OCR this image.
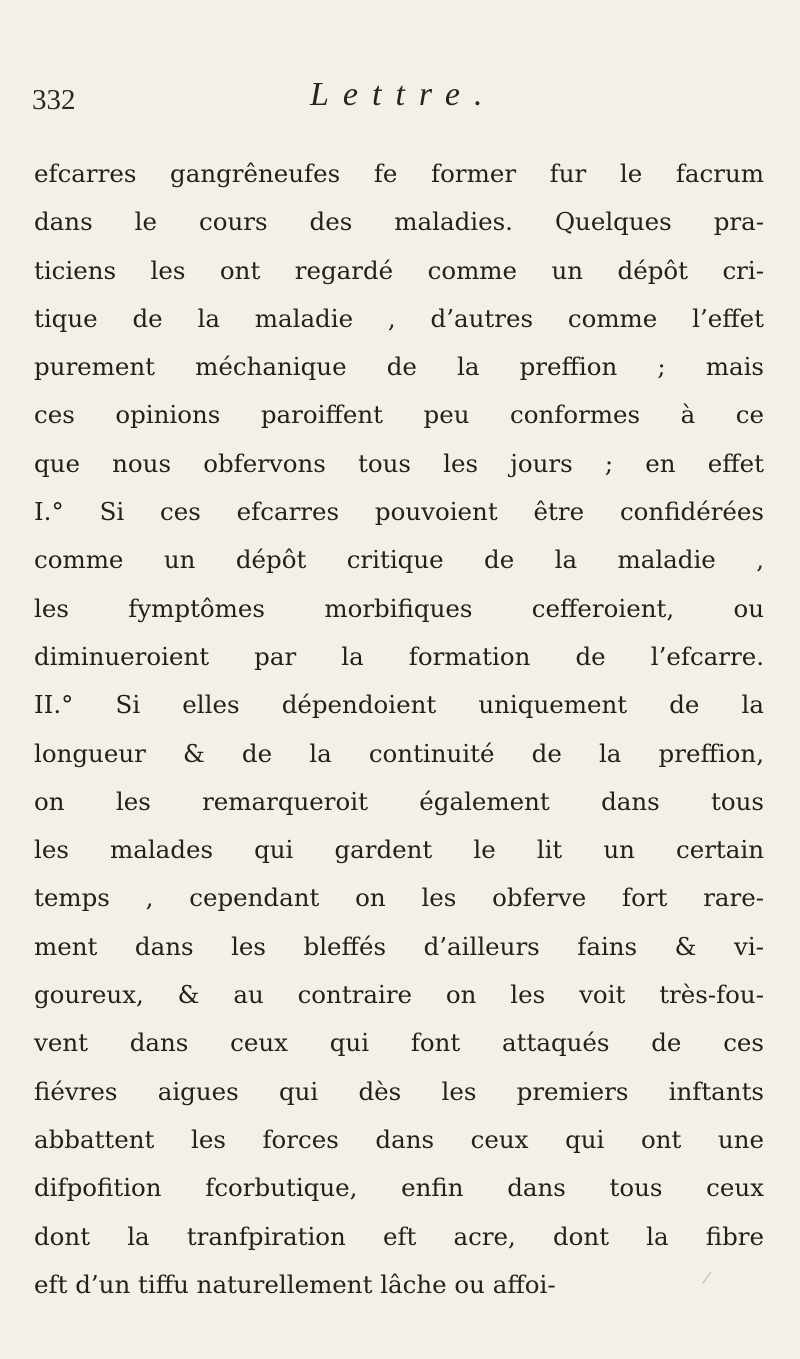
332	Lettre.
efcarres gangrêneufes fe former fur le facrum
dans le cours des maladies. Quelques pra-
ticiens les ont regardé comme un dépôt cri-
tique de la maladie , d’autres comme l’effet
purement méchanique de la preffion ; mais
ces opinions paroiffent peu conformes à ce
que nous obfervons tous les jours ; en effet
I.° Si ces efcarres pouvoient être confidérées
comme un dépôt critique de la maladie ,
les fymptômes morbifiques cefferoient, ou
diminueroient par la formation de l’efcarre.
II.° Si elles dépendoient uniquement de la
longueur & de la continuité de la preffion,
on les remarqueroit également dans tous
les malades qui gardent le lit un certain
temps , cependant on les obferve fort rare-
ment dans les bleffés d’ailleurs fains & vi-
goureux, & au contraire on les voit très-fou-
vent dans ceux qui font attaqués de ces
fiévres aigues qui dès les premiers inftants
abbattent les forces dans ceux qui ont une
difpofition fcorbutique, enfin dans tous ceux
dont la tranfpiration eft acre, dont la fibre
eft d’un tiffu naturellement lâche ou affoi-
